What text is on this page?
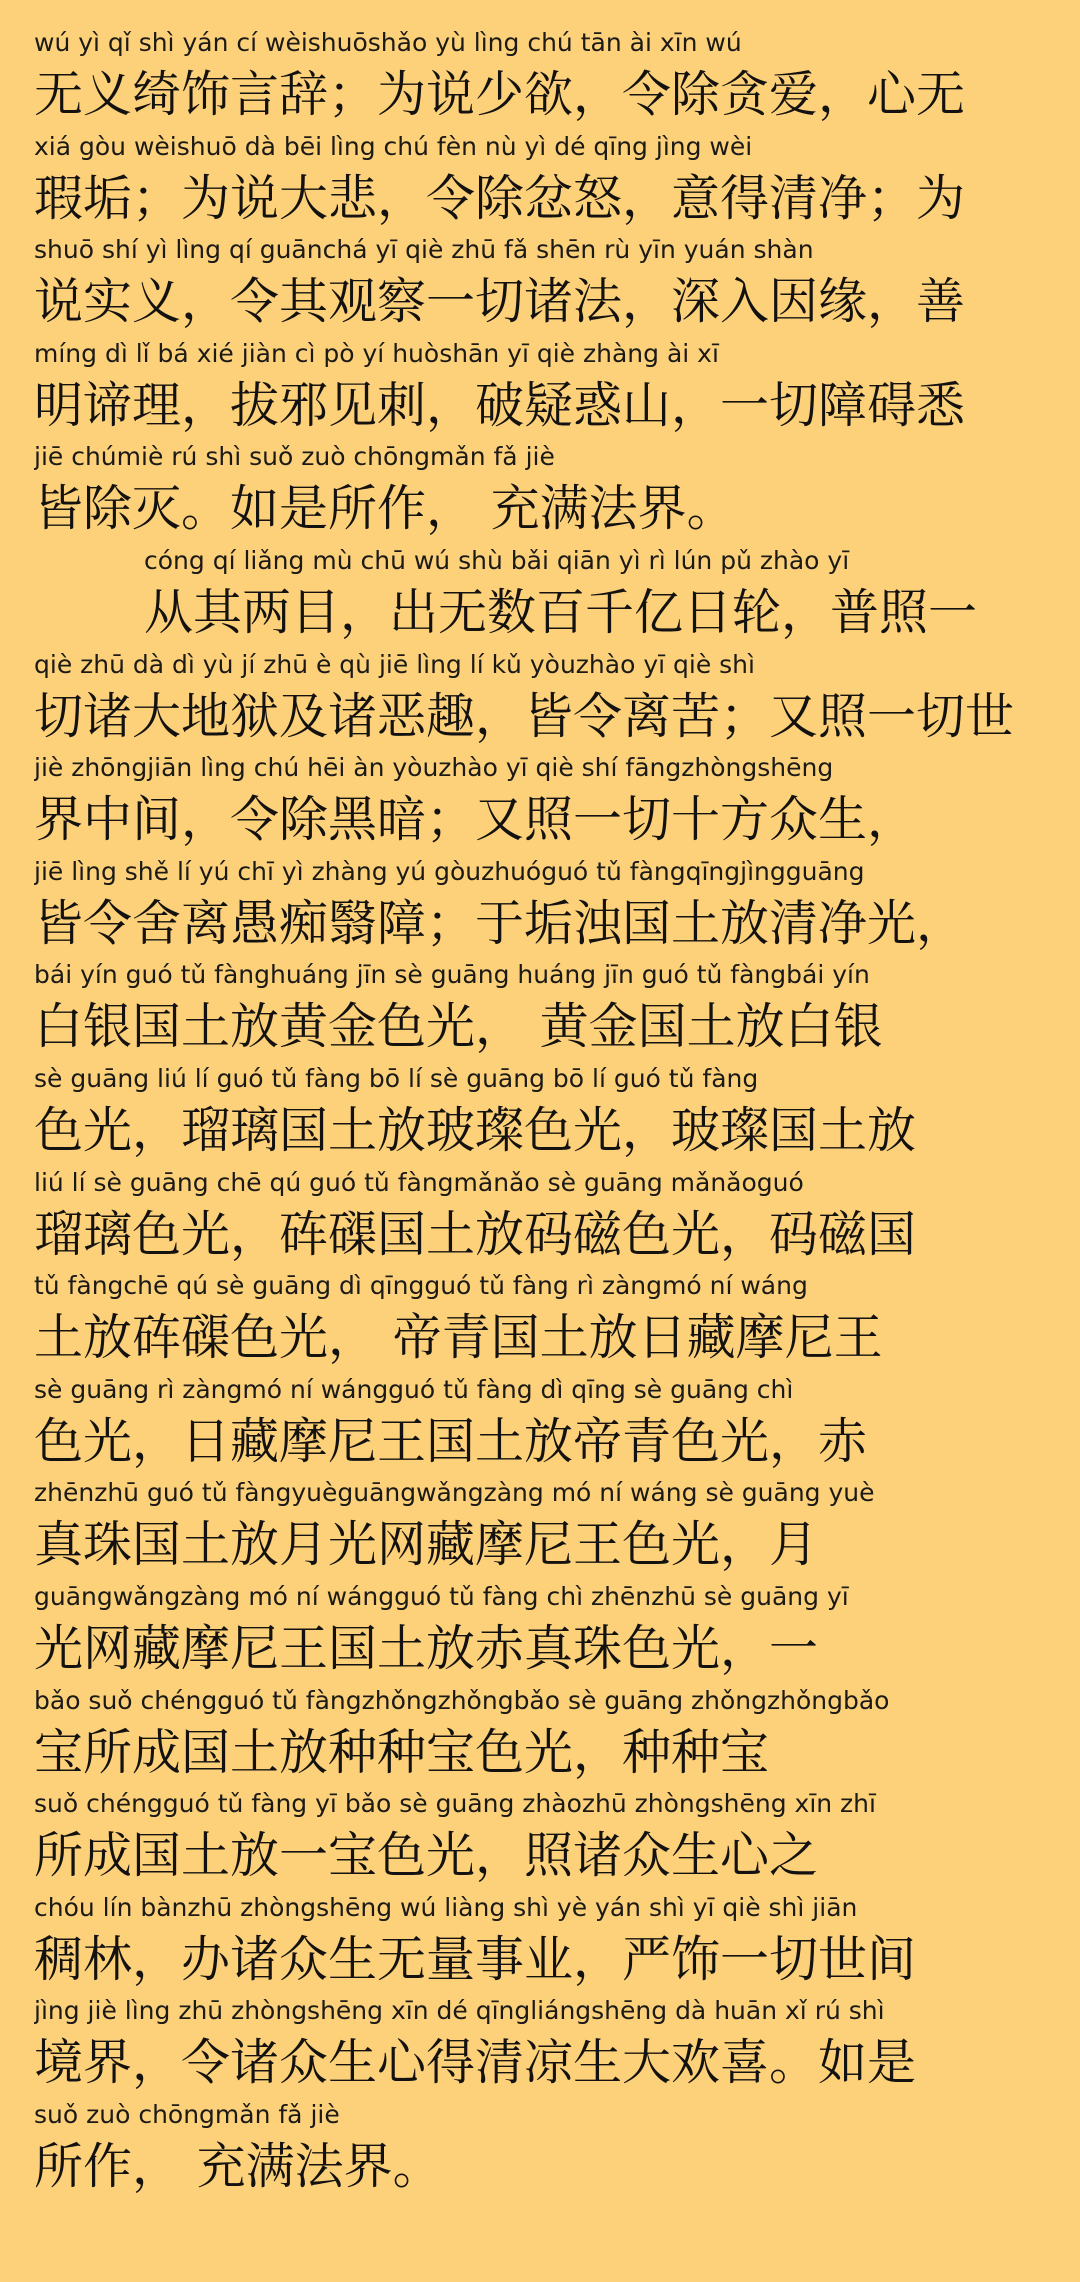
wú yì qǐ shì yán cí wèishuōshǎo yù lìng chú tān ài xīn wú
无义绮饰言辞；为说少欲，令除贪爱，心无
xiá gòu wèishuō dà bēi lìng chú fèn nù yì dé qīng jìng wèi
瑕垢；为说大悲，令除忿怒，意得清净；为
shuō shí yì lìng qí guānchá yī qiè zhū fǎ shēn rù yīn yuán shàn
说实义，令其观察一切诸法，深入因缘，善
míng dì lǐ bá xié jiàn cì pò yí huòshān yī qiè zhàng ài xī
明谛理，拔邪见刺，破疑惑山，一切障碍悉
jiē chúmiè rú shì suǒ zuò chōngmǎn fǎ jiè
皆除灭。如是所作， 充满法界。
cóng qí liǎng mù chū wú shù bǎi qiān yì rì lún pǔ zhào yī
从其两目，出无数百千亿日轮，普照一
qiè zhū dà dì yù jí zhū è qù jiē lìng lí kǔ yòuzhào yī qiè shì
切诸大地狱及诸恶趣，皆令离苦；又照一切世
jiè zhōngjiān lìng chú hēi àn yòuzhào yī qiè shí fāngzhòngshēng
界中间，令除黑暗；又照一切十方众生，
jiē lìng shě lí yú chī yì zhàng yú gòuzhuóguó tǔ fàngqīngjìngguāng
皆令舍离愚痴翳障；于垢浊国土放清净光，
bái yín guó tǔ fànghuáng jīn sè guāng huáng jīn guó tǔ fàngbái yín
白银国土放黄金色光， 黄金国土放白银
sè guāng liú lí guó tǔ fàng bō lí sè guāng bō lí guó tǔ fàng
色光，瑠璃国土放玻璨色光，玻璨国土放
liú lí sè guāng chē qú guó tǔ fàngmǎnǎo sè guāng mǎnǎoguó
瑠璃色光，砗磲国土放码磁色光，码磁国
tǔ fàngchē qú sè guāng dì qīngguó tǔ fàng rì zàngmó ní wáng
土放砗磲色光， 帝青国土放日藏摩尼王
sè guāng rì zàngmó ní wángguó tǔ fàng dì qīng sè guāng chì
色光，日藏摩尼王国土放帝青色光，赤
zhēnzhū guó tǔ fàngyuèguāngwǎngzàng mó ní wáng sè guāng yuè
真珠国土放月光网藏摩尼王色光，月
guāngwǎngzàng mó ní wángguó tǔ fàng chì zhēnzhū sè guāng yī
光网藏摩尼王国土放赤真珠色光，一
bǎo suǒ chéngguó tǔ fàngzhǒngzhǒngbǎo sè guāng zhǒngzhǒngbǎo
宝所成国土放种种宝色光，种种宝
suǒ chéngguó tǔ fàng yī bǎo sè guāng zhàozhū zhòngshēng xīn zhī
所成国土放一宝色光，照诸众生心之
chóu lín bànzhū zhòngshēng wú liàng shì yè yán shì yī qiè shì jiān
稠林，办诸众生无量事业，严饰一切世间
jìng jiè lìng zhū zhòngshēng xīn dé qīngliángshēng dà huān xǐ rú shì
境界，令诸众生心得清凉生大欢喜。如是
suǒ zuò chōngmǎn fǎ jiè
所作， 充满法界。
